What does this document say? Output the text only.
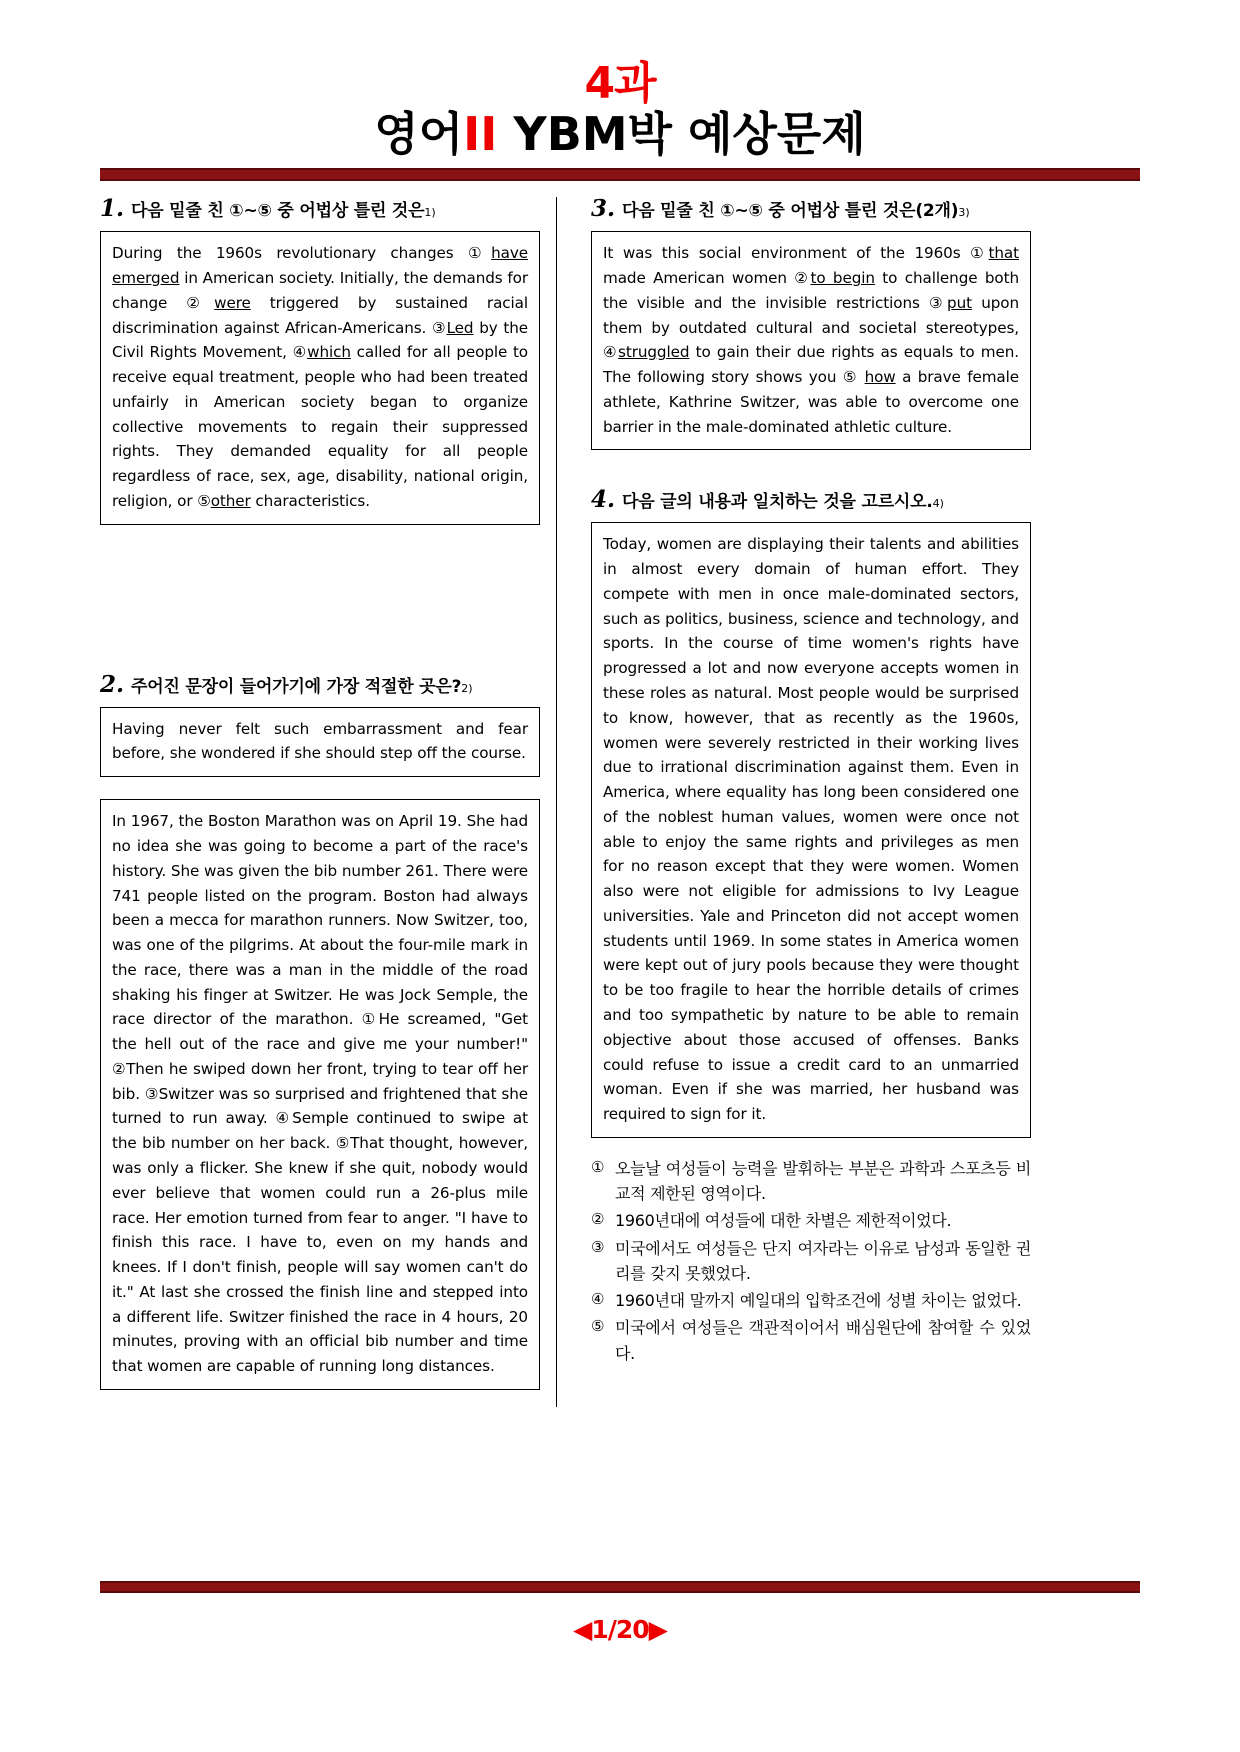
4과
영어II YBM박 예상문제
1. 다음 밑줄 친 ①~⑤ 중 어법상 틀린 것은 1)
During the 1960s revolutionary changes ①have emerged in American society. Initially, the demands for change ②were triggered by sustained racial discrimination against African-Americans. ③Led by the Civil Rights Movement, ④which called for all people to receive equal treatment, people who had been treated unfairly in American society began to organize collective movements to regain their suppressed rights. They demanded equality for all people regardless of race, sex, age, disability, national origin, religion, or ⑤other characteristics.
2. 주어진 문장이 들어가기에 가장 적절한 곳은? 2)
Having never felt such embarrassment and fear before, she wondered if she should step off the course.
In 1967, the Boston Marathon was on April 19. She had no idea she was going to become a part of the race's history. She was given the bib number 261. There were 741 people listed on the program. Boston had always been a mecca for marathon runners. Now Switzer, too, was one of the pilgrims. At about the four-mile mark in the race, there was a man in the middle of the road shaking his finger at Switzer. He was Jock Semple, the race director of the marathon. ①He screamed, "Get the hell out of the race and give me your number!" ②Then he swiped down her front, trying to tear off her bib. ③Switzer was so surprised and frightened that she turned to run away. ④Semple continued to swipe at the bib number on her back. ⑤That thought, however, was only a flicker. She knew if she quit, nobody would ever believe that women could run a 26-plus mile race. Her emotion turned from fear to anger. "I have to finish this race. I have to, even on my hands and knees. If I don't finish, people will say women can't do it." At last she crossed the finish line and stepped into a different life. Switzer finished the race in 4 hours, 20 minutes, proving with an official bib number and time that women are capable of running long distances.
3. 다음 밑줄 친 ①~⑤ 중 어법상 틀린 것은(2개) 3)
It was this social environment of the 1960s ①that made American women ②to begin to challenge both the visible and the invisible restrictions ③put upon them by outdated cultural and societal stereotypes, ④struggled to gain their due rights as equals to men. The following story shows you ⑤ how a brave female athlete, Kathrine Switzer, was able to overcome one barrier in the male-dominated athletic culture.
4. 다음 글의 내용과 일치하는 것을 고르시오. 4)
Today, women are displaying their talents and abilities in almost every domain of human effort. They compete with men in once male-dominated sectors, such as politics, business, science and technology, and sports. In the course of time women's rights have progressed a lot and now everyone accepts women in these roles as natural. Most people would be surprised to know, however, that as recently as the 1960s, women were severely restricted in their working lives due to irrational discrimination against them. Even in America, where equality has long been considered one of the noblest human values, women were once not able to enjoy the same rights and privileges as men for no reason except that they were women. Women also were not eligible for admissions to Ivy League universities. Yale and Princeton did not accept women students until 1969. In some states in America women were kept out of jury pools because they were thought to be too fragile to hear the horrible details of crimes and too sympathetic by nature to be able to remain objective about those accused of offenses. Banks could refuse to issue a credit card to an unmarried woman. Even if she was married, her husband was required to sign for it.
① 오늘날 여성들이 능력을 발휘하는 부분은 과학과 스포츠등 비교적 제한된 영역이다.
② 1960년대에 여성들에 대한 차별은 제한적이었다.
③ 미국에서도 여성들은 단지 여자라는 이유로 남성과 동일한 권리를 갖지 못했었다.
④ 1960년대 말까지 예일대의 입학조건에 성별 차이는 없었다.
⑤ 미국에서 여성들은 객관적이어서 배심원단에 참여할 수 있었다.
◀1/20▶
